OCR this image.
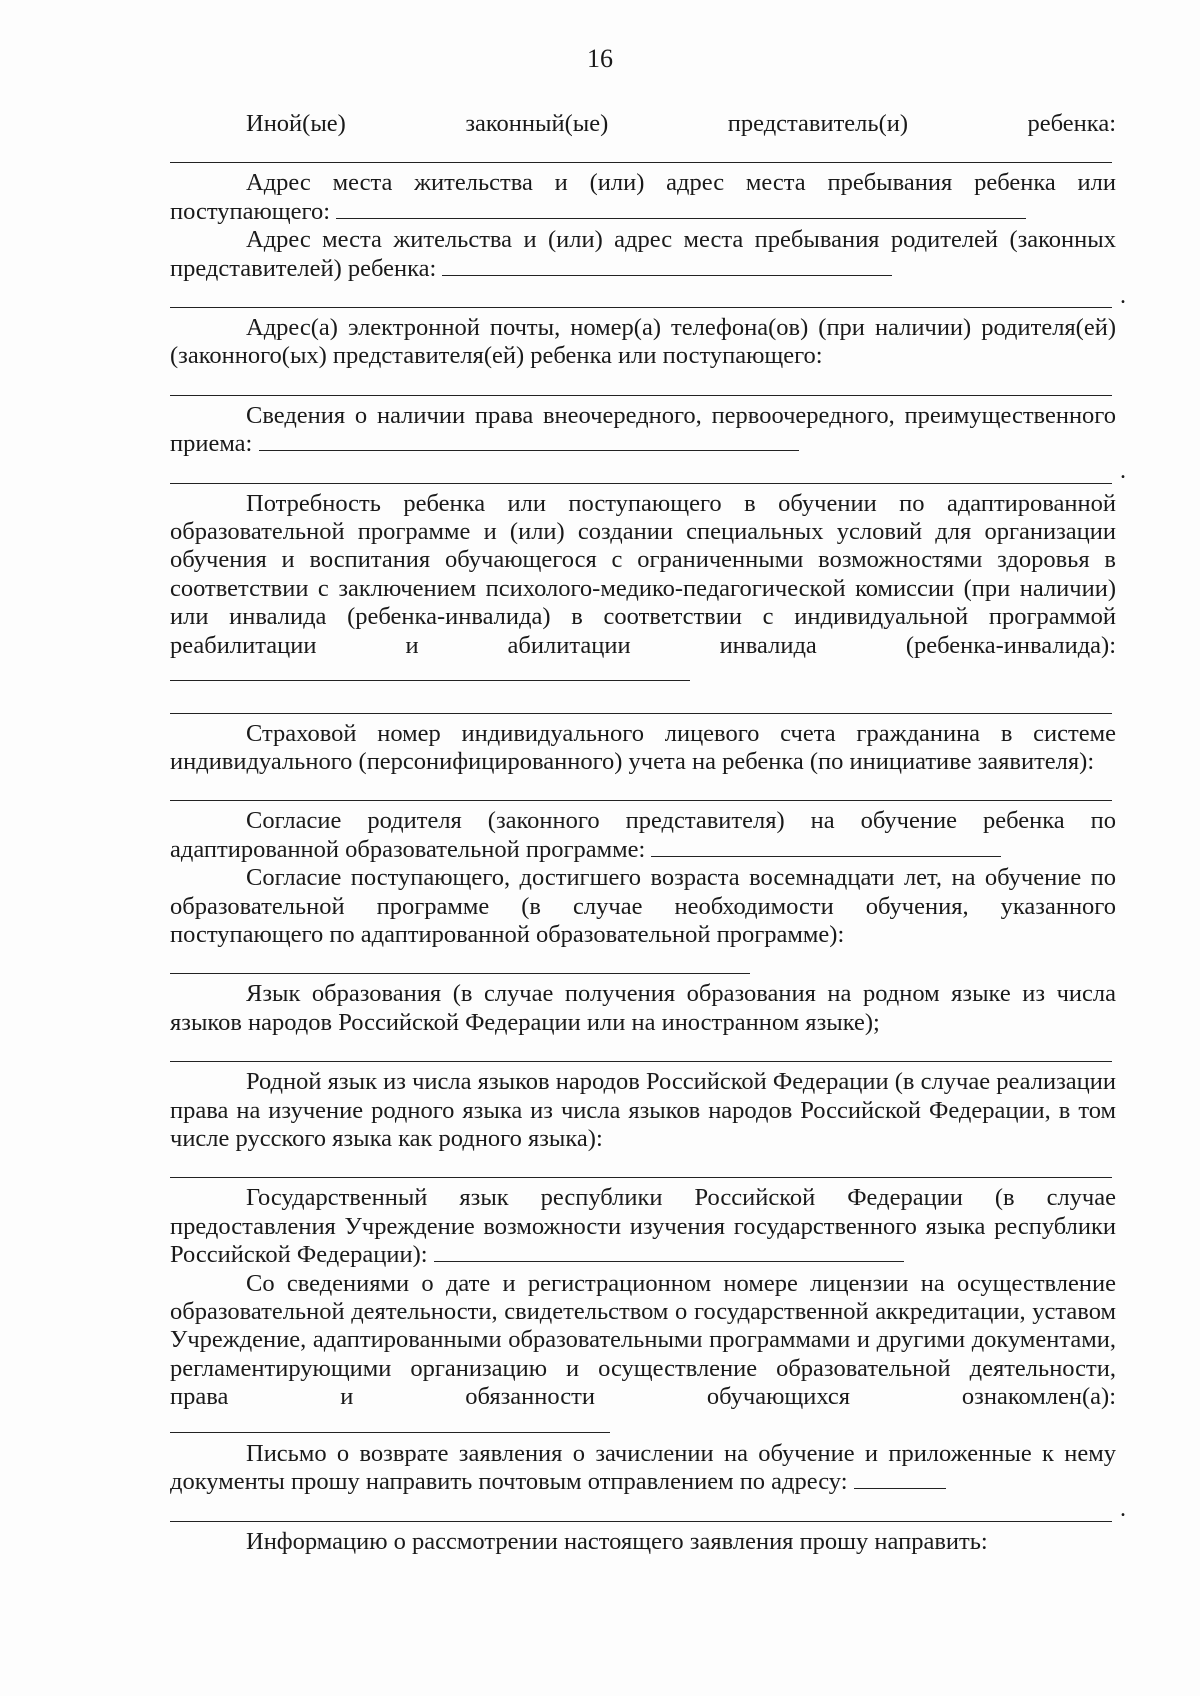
16
Иной(ые)	законный(ые)	представитель(и)	ребенка:

Адрес места жительства и (или) адрес места пребывания ребенка или поступающего:

Адрес места жительства и (или) адрес места пребывания родителей (законных представителей) ребенка:

.

Адрес(а) электронной почты, номер(а) телефона(ов) (при наличии) родителя(ей) (законного(ых) представителя(ей) ребенка или поступающего:

Сведения о наличии права внеочередного, первоочередного, преимущественного приема:

.

Потребность ребенка или поступающего в обучении по адаптированной образовательной программе и (или) создании специальных условий для организации обучения и воспитания обучающегося с ограниченными возможностями здоровья в соответствии с заключением психолого-медико-педагогической комиссии (при наличии) или инвалида (ребенка-инвалида) в соответствии с индивидуальной программой реабилитации и абилитации инвалида (ребенка-инвалида):

Страховой номер индивидуального лицевого счета гражданина в системе индивидуального (персонифицированного) учета на ребенка (по инициативе заявителя):

Согласие родителя (законного представителя) на обучение ребенка по адаптированной образовательной программе:

Согласие поступающего, достигшего возраста восемнадцати лет, на обучение по образовательной программе (в случае необходимости обучения, указанного поступающего по адаптированной образовательной программе):

Язык образования (в случае получения образования на родном языке из числа языков народов Российской Федерации или на иностранном языке);

Родной язык из числа языков народов Российской Федерации (в случае реализации права на изучение родного языка из числа языков народов Российской Федерации, в том числе русского языка как родного языка):

Государственный язык республики Российской Федерации (в случае предоставления Учреждение возможности изучения государственного языка республики Российской Федерации):

Со сведениями о дате и регистрационном номере лицензии на осуществление образовательной деятельности, свидетельством о государственной аккредитации, уставом Учреждение, адаптированными образовательными программами и другими документами, регламентирующими организацию и осуществление образовательной деятельности, права и обязанности обучающихся ознакомлен(а):

Письмо о возврате заявления о зачислении на обучение и приложенные к нему документы прошу направить почтовым отправлением по адресу:

.

Информацию о рассмотрении настоящего заявления прошу направить:
